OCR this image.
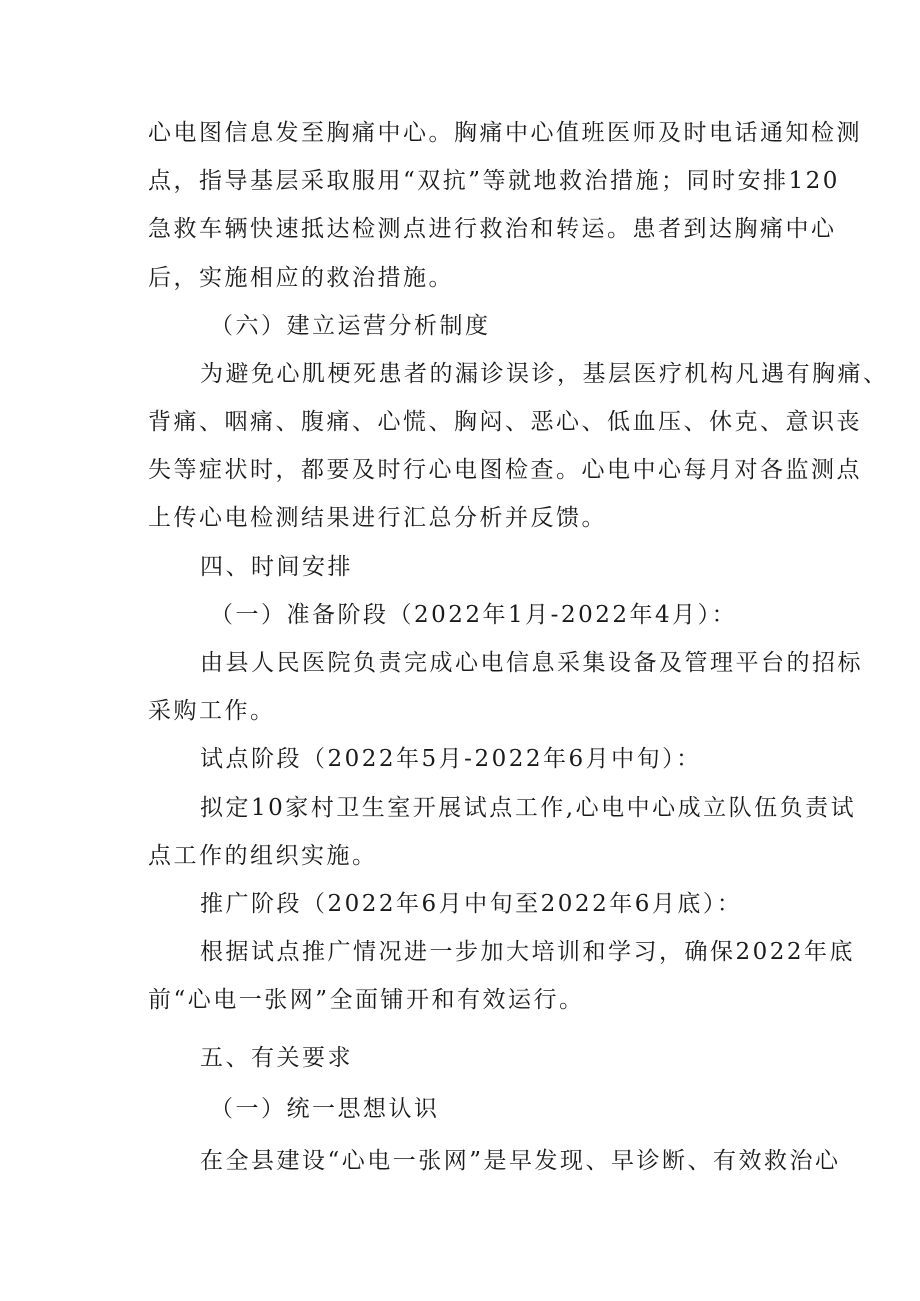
心电图信息发至胸痛中心。胸痛中心值班医师及时电话通知检测
点，指导基层采取服用“双抗”等就地救治措施；同时安排120
急救车辆快速抵达检测点进行救治和转运。患者到达胸痛中心
后，实施相应的救治措施。
（六）建立运营分析制度
为避免心肌梗死患者的漏诊误诊，基层医疗机构凡遇有胸痛、
背痛、咽痛、腹痛、心慌、胸闷、恶心、低血压、休克、意识丧
失等症状时，都要及时行心电图检查。心电中心每月对各监测点
上传心电检测结果进行汇总分析并反馈。
四、时间安排
（一）准备阶段（2022年1月-2022年4月）：
由县人民医院负责完成心电信息采集设备及管理平台的招标
采购工作。
试点阶段（2022年5月-2022年6月中旬）：
拟定10家村卫生室开展试点工作,心电中心成立队伍负责试
点工作的组织实施。
推广阶段（2022年6月中旬至2022年6月底）：
根据试点推广情况进一步加大培训和学习，确保2022年底
前“心电一张网”全面铺开和有效运行。
五、有关要求
（一）统一思想认识
在全县建设“心电一张网”是早发现、早诊断、有效救治心
